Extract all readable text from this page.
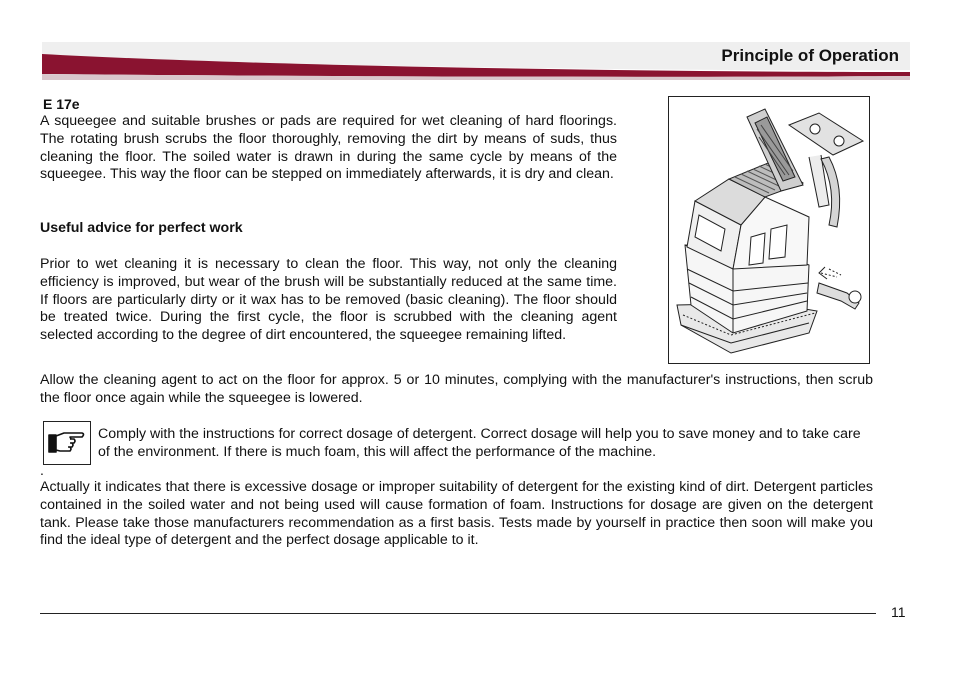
Principle of Operation
E 17e

A squeegee and suitable brushes or pads are required for wet cleaning of hard floorings. The rotating brush scrubs the floor thoroughly, removing the dirt by means of suds, thus cleaning the floor. The soiled water is drawn in during the same cycle by means of the squeegee. This way the floor can be stepped on immediately afterwards, it is dry and clean.

Useful advice for perfect work

Prior to wet cleaning it is necessary to clean the floor. This way, not only the cleaning efficiency is improved, but wear of the brush will be substantially reduced at the same time. If floors are particularly dirty or it wax has to be removed (basic cleaning). The floor should be treated twice. During the first cycle, the floor is scrubbed with the cleaning agent selected according to the degree of dirt encountered, the squeegee remaining lifted.

Allow the cleaning agent to act on the floor for approx. 5 or 10 minutes, complying with the manufacturer's instructions, then scrub the floor once again while the squeegee is lowered.

Comply with the instructions for correct dosage of detergent. Correct dosage will help you to save money and to take care of the environment. If there is much foam, this will affect the performance of the machine.

.

Actually it indicates that there is excessive dosage or improper suitability of detergent for the existing kind of dirt. Detergent particles contained in the soiled water and not being used will cause formation of foam. Instructions for dosage are given on the detergent tank. Please take those manufacturers recommendation as a first basis. Tests made by yourself in practice then soon will make you find the ideal type of detergent and the perfect dosage applicable to it.

11
